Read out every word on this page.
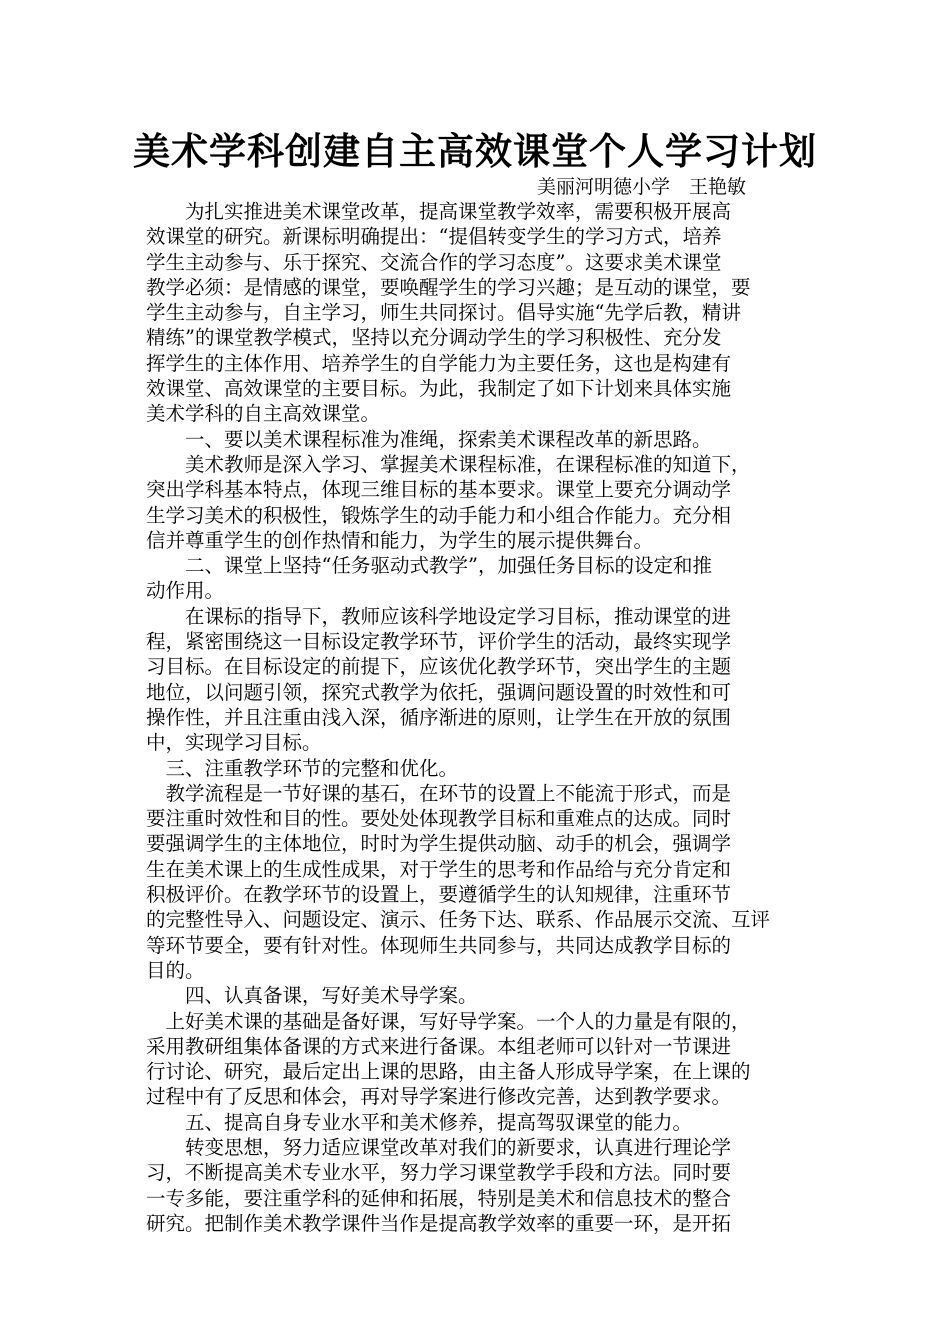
美术学科创建自主高效课堂个人学习计划
美丽河明德小学　王艳敏
　　为扎实推进美术课堂改革，提高课堂教学效率，需要积极开展高
效课堂的研究。新课标明确提出：“提倡转变学生的学习方式，培养
学生主动参与、乐于探究、交流合作的学习态度”。这要求美术课堂
教学必须：是情感的课堂，要唤醒学生的学习兴趣；是互动的课堂，要
学生主动参与，自主学习，师生共同探讨。倡导实施“先学后教，精讲
精练”的课堂教学模式，坚持以充分调动学生的学习积极性、充分发
挥学生的主体作用、培养学生的自学能力为主要任务，这也是构建有
效课堂、高效课堂的主要目标。为此，我制定了如下计划来具体实施
美术学科的自主高效课堂。
　　一、要以美术课程标准为准绳，探索美术课程改革的新思路。
　　美术教师是深入学习、掌握美术课程标准，在课程标准的知道下，
突出学科基本特点，体现三维目标的基本要求。课堂上要充分调动学
生学习美术的积极性，锻炼学生的动手能力和小组合作能力。充分相
信并尊重学生的创作热情和能力，为学生的展示提供舞台。
　　二、课堂上坚持“任务驱动式教学”，加强任务目标的设定和推
动作用。
　　在课标的指导下，教师应该科学地设定学习目标，推动课堂的进
程，紧密围绕这一目标设定教学环节，评价学生的活动，最终实现学
习目标。在目标设定的前提下，应该优化教学环节，突出学生的主题
地位，以问题引领，探究式教学为依托，强调问题设置的时效性和可
操作性，并且注重由浅入深，循序渐进的原则，让学生在开放的氛围
中，实现学习目标。
　三、注重教学环节的完整和优化。
　教学流程是一节好课的基石，在环节的设置上不能流于形式，而是
要注重时效性和目的性。要处处体现教学目标和重难点的达成。同时
要强调学生的主体地位，时时为学生提供动脑、动手的机会，强调学
生在美术课上的生成性成果，对于学生的思考和作品给与充分肯定和
积极评价。在教学环节的设置上，要遵循学生的认知规律，注重环节
的完整性导入、问题设定、演示、任务下达、联系、作品展示交流、互评
等环节要全，要有针对性。体现师生共同参与，共同达成教学目标的
目的。
　　四、认真备课，写好美术导学案。
　上好美术课的基础是备好课，写好导学案。一个人的力量是有限的，
采用教研组集体备课的方式来进行备课。本组老师可以针对一节课进
行讨论、研究，最后定出上课的思路，由主备人形成导学案，在上课的
过程中有了反思和体会，再对导学案进行修改完善，达到教学要求。
　　五、提高自身专业水平和美术修养，提高驾驭课堂的能力。
　　转变思想，努力适应课堂改革对我们的新要求，认真进行理论学
习，不断提高美术专业水平，努力学习课堂教学手段和方法。同时要
一专多能，要注重学科的延伸和拓展，特别是美术和信息技术的整合
研究。把制作美术教学课件当作是提高教学效率的重要一环，是开拓
